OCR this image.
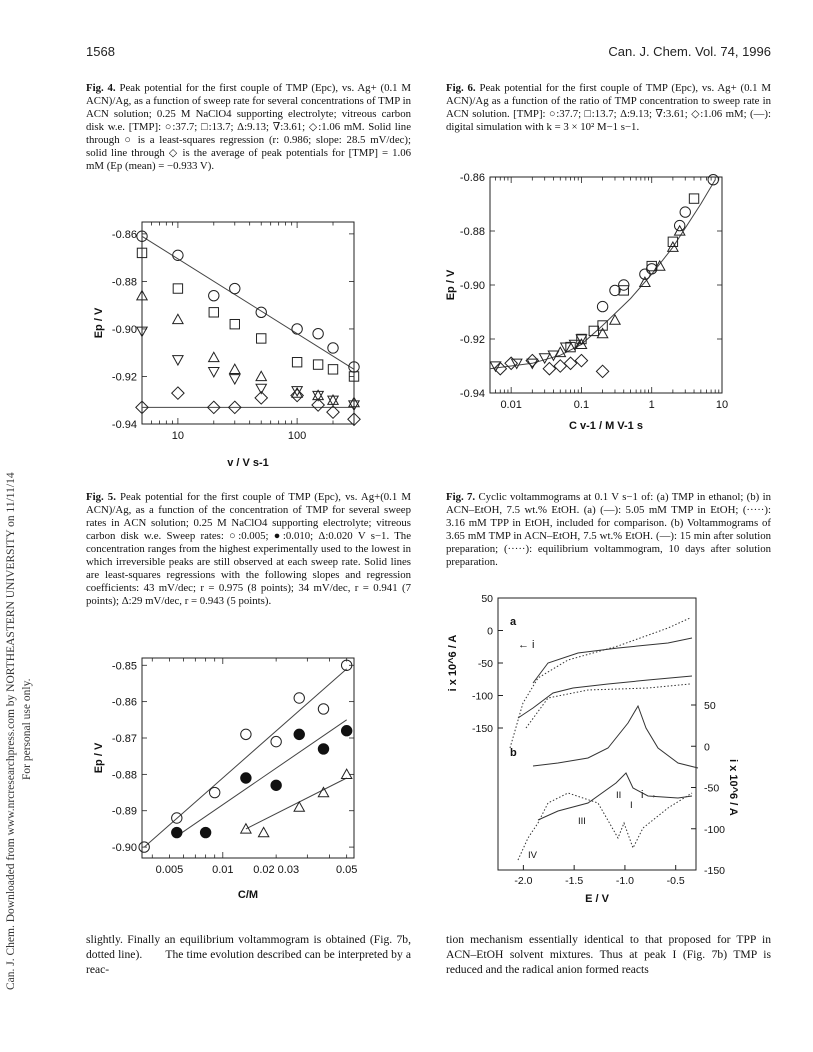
1568	Can. J. Chem. Vol. 74, 1996
Can. J. Chem. Downloaded from www.nrcresearchpress.com by NORTHEASTERN UNIVERSITY on 11/11/14 For personal use only.
Fig. 4. Peak potential for the first couple of TMP (Epc), vs. Ag+ (0.1 M ACN)/Ag, as a function of sweep rate for several concentrations of TMP in ACN solution; 0.25 M NaClO4 supporting electrolyte; vitreous carbon disk w.e. [TMP]: ○:37.7; □:13.7; Δ:9.13; ∇:3.61; ◇:1.06 mM. Solid line through ○ is a least-squares regression (r: 0.986; slope: 28.5 mV/dec); solid line through ◇ is the average of peak potentials for [TMP] = 1.06 mM (Ep (mean) = −0.933 V).
Fig. 6. Peak potential for the first couple of TMP (Epc), vs. Ag+ (0.1 M ACN)/Ag as a function of the ratio of TMP concentration to sweep rate in ACN solution. [TMP]: ○:37.7; □:13.7; Δ:9.13; ∇:3.61; ◇:1.06 mM; (—): digital simulation with k = 3 × 10² M−1 s−1.
Fig. 5. Peak potential for the first couple of TMP (Epc), vs. Ag+(0.1 M ACN)/Ag, as a function of the concentration of TMP for several sweep rates in ACN solution; 0.25 M NaClO4 supporting electrolyte; vitreous carbon disk w.e. Sweep rates: ○:0.005; ●:0.010; Δ:0.020 V s−1. The concentration ranges from the highest experimentally used to the lowest in which irreversible peaks are still observed at each sweep rate. Solid lines are least-squares regressions with the following slopes and regression coefficients: 43 mV/dec; r = 0.975 (8 points); 34 mV/dec, r = 0.941 (7 points); Δ:29 mV/dec, r = 0.943 (5 points).
Fig. 7. Cyclic voltammograms at 0.1 V s−1 of: (a) TMP in ethanol; (b) in ACN–EtOH, 7.5 wt.% EtOH. (a) (—): 5.05 mM TMP in EtOH; (·····): 3.16 mM TPP in EtOH, included for comparison. (b) Voltammograms of 3.65 mM TMP in ACN–EtOH, 7.5 wt.% EtOH. (—): 15 min after solution preparation; (·····): equilibrium voltammogram, 10 days after solution preparation.
10	100
-0.86
-0.88
-0.90
-0.92
-0.94
v / V s-1
Ep / V
0.005	0.01 0.02 0.03	0.05
-0.85
-0.86
-0.87
-0.88
-0.89
-0.90
C/M
Ep / V
0.01	0.1	1	10
-0.86
-0.88
-0.90
-0.92
-0.94
C v-1 / M V-1 s
Ep / V
50
0
-50
-100
-150
50
0
-50
-100
-150
-2.0	-1.5	-1.0	-0.5
E / V
i x 10^6 / A
i x 10^6 / A
a
b
← i
i →
I
II
III
IV
slightly. Finally an equilibrium voltammogram is obtained (Fig. 7b, dotted line).  The time evolution described can be interpreted by a reac-
tion mechanism essentially identical to that proposed for TPP in ACN–EtOH solvent mixtures. Thus at peak I (Fig. 7b) TMP is reduced and the radical anion formed reacts
